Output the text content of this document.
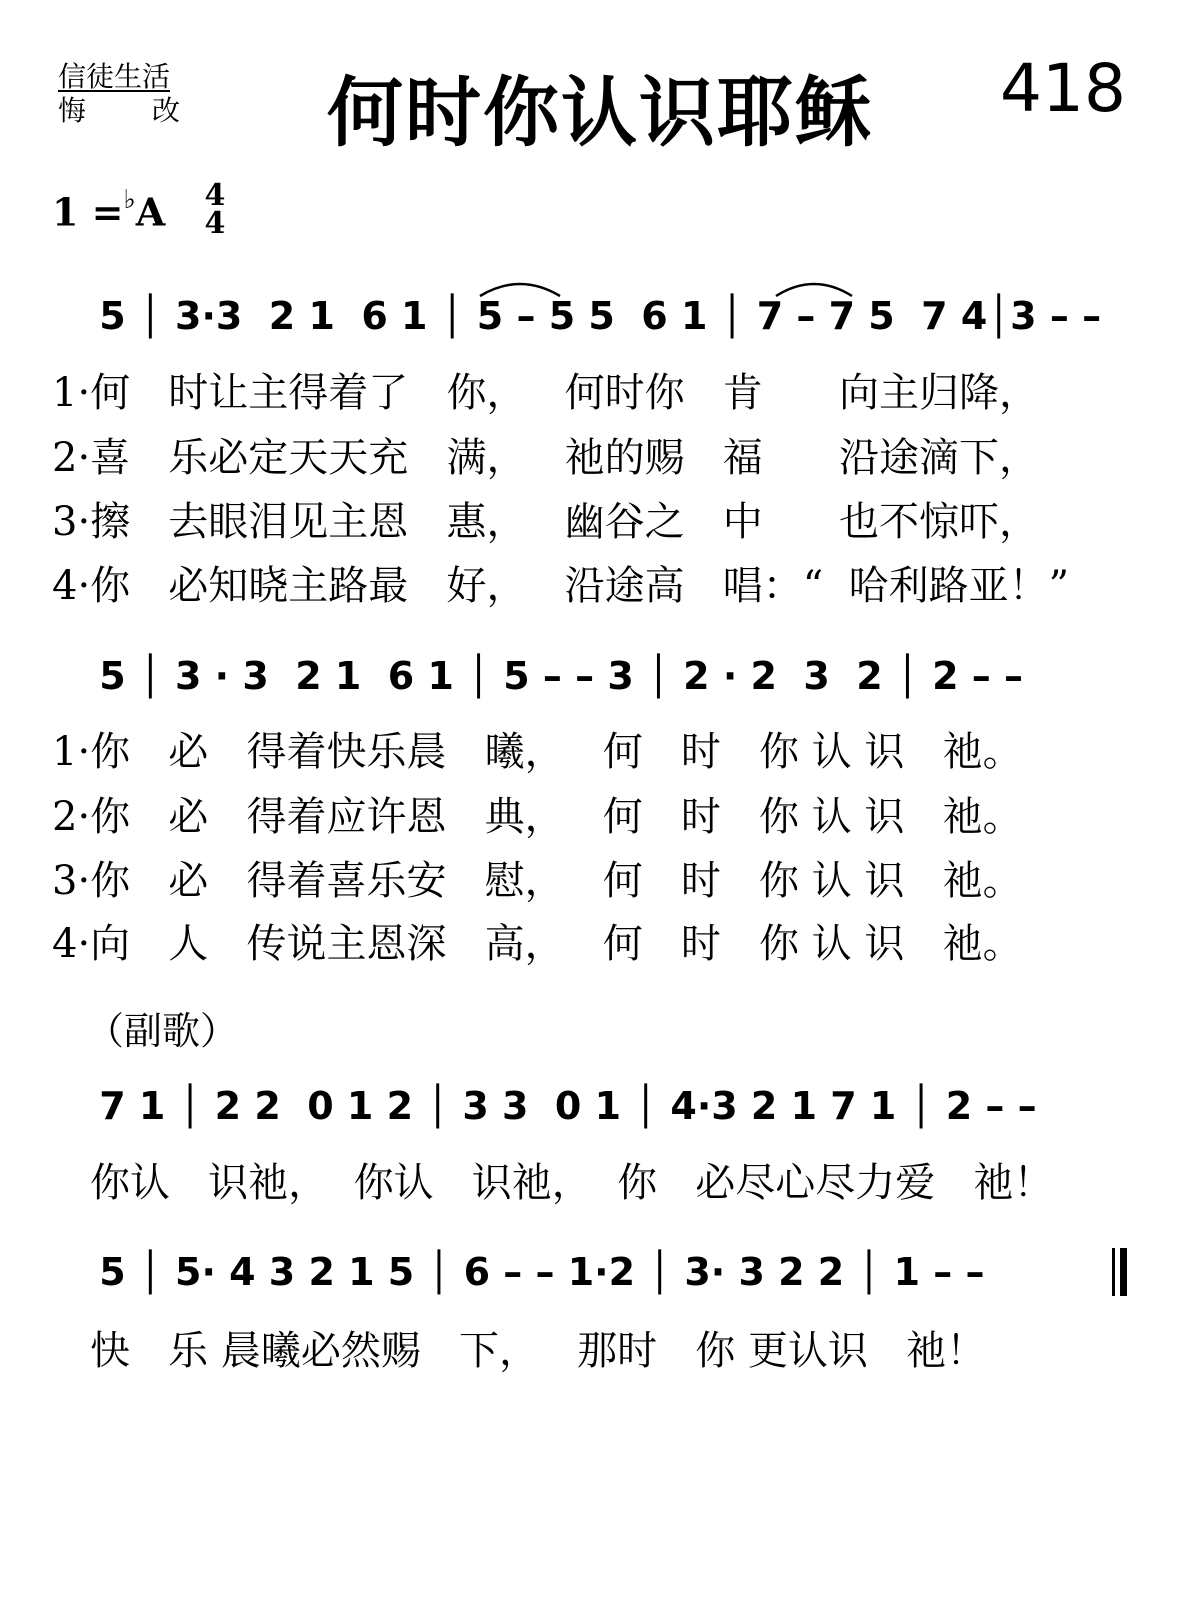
信徒生活
悔 改	何时你认识耶稣	418
1 =♭A 4
4
5 │ 3·3  2 1  6 1 │ 5 – 5 5  6 1 │ 7 – 7 5  7 4│3 – –
1·何   时让主得着了   你，   何时你   肯      向主归降，
2·喜   乐必定天天充   满，   祂的赐   福      沿途滴下，
3·擦   去眼泪见主恩   惠，   幽谷之   中      也不惊吓，
4·你   必知晓主路最   好，   沿途高   唱：“  哈利路亚！”
5 │ 3 · 3  2 1  6 1 │ 5 – – 3 │ 2 · 2  3  2 │ 2 – –
1·你   必   得着快乐晨   曦，   何   时   你 认 识   祂。
2·你   必   得着应许恩   典，   何   时   你 认 识   祂。
3·你   必   得着喜乐安   慰，   何   时   你 认 识   祂。
4·向   人   传说主恩深   高，   何   时   你 认 识   祂。
（副歌）
7 1 │ 2 2  0 1 2 │ 3 3  0 1 │ 4·3 2 1 7 1 │ 2 – –
你认   识祂，  你认   识祂，  你   必尽心尽力爱   祂！
5 │ 5· 4 3 2 1 5 │ 6 – – 1·2 │ 3· 3 2 2 │ 1 – –
快   乐 晨曦必然赐   下，   那时   你 更认识   祂！
